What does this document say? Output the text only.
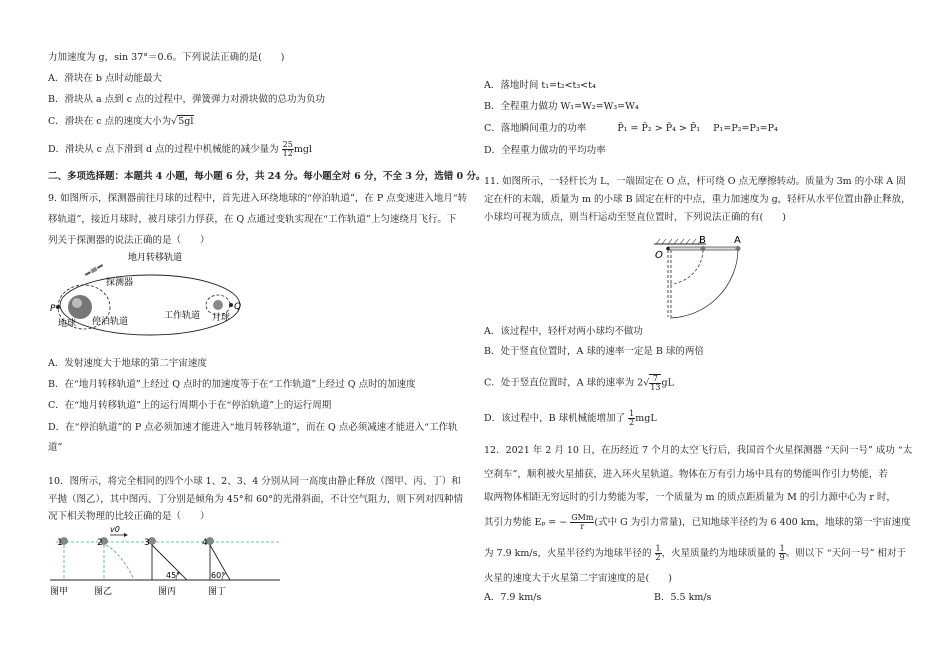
力加速度为 g，sin 37°＝0.6。下列说法正确的是(　　)
A．滑块在 b 点时动能最大
B．滑块从 a 点到 c 点的过程中，弹簧弹力对滑块做的总功为负功
C．滑块在 c 点的速度大小为√5gl
D．滑块从 c 点下滑到 d 点的过程中机械能的减少量为 $\frac{25}{12}$ mgl
二、多项选择题：本题共 4 小题，每小题 6 分，共 24 分。每小题全对 6 分，不全 3 分，选错 0 分。
9. 如图所示，探测器前往月球的过程中，首先进入环绕地球的“停泊轨道”，在 P 点变速进入地月“转
移轨道”，接近月球时，被月球引力俘获，在 Q 点通过变轨实现在“工作轨道”上匀速绕月飞行。下
列关于探测器的说法正确的是（　　）
地月转移轨道
探测器
P	Q
地球 停泊轨道
工作轨道 月球
A．发射速度大于地球的第二宇宙速度
B．在“地月转移轨道”上经过 Q 点时的加速度等于在“工作轨道”上经过 Q 点时的加速度
C．在“地月转移轨道”上的运行周期小于在“停泊轨道”上的运行周期
D．在“停泊轨道”的 P 点必须加速才能进入“地月转移轨道”，而在 Q 点必须减速才能进入“工作轨
道”
10．图所示，将完全相同的四个小球 1、2、3、4 分别从同一高度由静止释放（图甲、丙、丁）和
平抛（图乙），其中图丙、丁分别是倾角为 45°和 60°的光滑斜面，不计空气阻力，则下列对四种情
况下相关物理的比较正确的是（　　）
1	2	3	4
v0
45°	60°
图甲	图乙	图丙	图丁
A．落地时间 t₁=t₂<t₃<t₄
B．全程重力做功 W₁=W₂=W₃=W₄
C．落地瞬间重力的功率	P̄₁ = P̄₂ > P̄₄ > P̄₁ P₁=P₂=P₃=P₄
D．全程重力做功的平均功率
11. 如图所示，一轻杆长为 L，一端固定在 O 点，杆可绕 O 点无摩擦转动。质量为 3m 的小球 A 固
定在杆的末端，质量为 m 的小球 B 固定在杆的中点，重力加速度为 g，轻杆从水平位置由静止释放，
小球均可视为质点，则当杆运动至竖直位置时，下列说法正确的有(　　)
O
B	A
A．该过程中，轻杆对两小球均不做功
B．处于竖直位置时，A 球的速率一定是 B 球的两倍
C．处于竖直位置时，A 球的速率为 $2√ \frac{7}{13}$ gL
D．该过程中，B 球机械能增加了 $\frac{1}{2}$ mgL
12．2021 年 2 月 10 日，在历经近 7 个月的太空飞行后，我国首个火星探测器 “天问一号” 成功 “太
空刹车”，顺利被火星捕获，进入环火星轨道。物体在万有引力场中具有的势能叫作引力势能，若
取两物体相距无穷远时的引力势能为零，一个质量为 m 的质点距质量为 M 的引力源中心为 r 时，
其引力势能 Eₚ = − $\frac{\text{GMm}}{r}$ (式中 G 为引力常量)，已知地球半径约为 6 400 km，地球的第一宇宙速度
为 7.9 km/s，火星半径约为地球半径的 $\frac{1}{2}$ ，火星质量约为地球质量的 $\frac{1}{9}$ 。则以下 “天问一号” 相对于
火星的速度大于火星第二宇宙速度的是(　　)
A．7.9 km/s	B．5.5 km/s
